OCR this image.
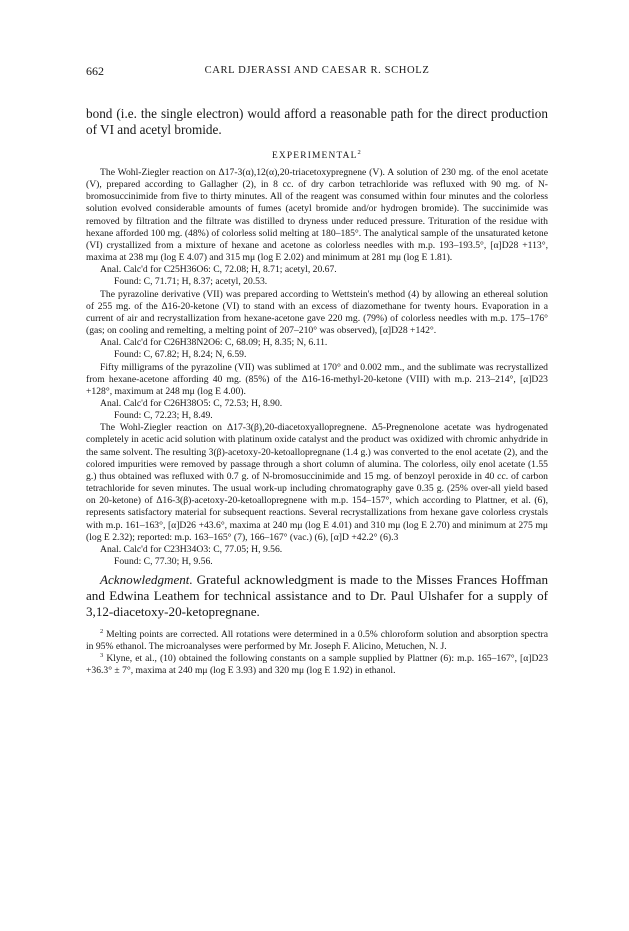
662	CARL DJERASSI AND CAESAR R. SCHOLZ
bond (i.e. the single electron) would afford a reasonable path for the direct production of VI and acetyl bromide.
EXPERIMENTAL$^2$

The Wohl-Ziegler reaction on Δ17-3(α),12(α),20-triacetoxypregnene (V). A solution of 230 mg. of the enol acetate (V), prepared according to Gallagher (2), in 8 cc. of dry carbon tetrachloride was refluxed with 90 mg. of N-bromosuccinimide from five to thirty minutes. All of the reagent was consumed within four minutes and the colorless solution evolved considerable amounts of fumes (acetyl bromide and/or hydrogen bromide). The succinimide was removed by filtration and the filtrate was distilled to dryness under reduced pressure. Trituration of the residue with hexane afforded 100 mg. (48%) of colorless solid melting at 180–185°. The analytical sample of the unsaturated ketone (VI) crystallized from a mixture of hexane and acetone as colorless needles with m.p. 193–193.5°, [α]D28 +113°, maxima at 238 mμ (log E 4.07) and 315 mμ (log E 2.02) and minimum at 281 mμ (log E 1.81).

Anal. Calc'd for C25H36O6: C, 72.08; H, 8.71; acetyl, 20.67.

Found: C, 71.71; H, 8.37; acetyl, 20.53.

The pyrazoline derivative (VII) was prepared according to Wettstein's method (4) by allowing an ethereal solution of 255 mg. of the Δ16-20-ketone (VI) to stand with an excess of diazomethane for twenty hours. Evaporation in a current of air and recrystallization from hexane-acetone gave 220 mg. (79%) of colorless needles with m.p. 175–176° (gas; on cooling and remelting, a melting point of 207–210° was observed), [α]D28 +142°.

Anal. Calc'd for C26H38N2O6: C, 68.09; H, 8.35; N, 6.11.

Found: C, 67.82; H, 8.24; N, 6.59.

Fifty milligrams of the pyrazoline (VII) was sublimed at 170° and 0.002 mm., and the sublimate was recrystallized from hexane-acetone affording 40 mg. (85%) of the Δ16-16-methyl-20-ketone (VIII) with m.p. 213–214°, [α]D23 +128°, maximum at 248 mμ (log E 4.00).

Anal. Calc'd for C26H38O5: C, 72.53; H, 8.90.

Found: C, 72.23; H, 8.49.

The Wohl-Ziegler reaction on Δ17-3(β),20-diacetoxyallopregnene. Δ5-Pregnenolone acetate was hydrogenated completely in acetic acid solution with platinum oxide catalyst and the product was oxidized with chromic anhydride in the same solvent. The resulting 3(β)-acetoxy-20-ketoallopregnane (1.4 g.) was converted to the enol acetate (2), and the colored impurities were removed by passage through a short column of alumina. The colorless, oily enol acetate (1.55 g.) thus obtained was refluxed with 0.7 g. of N-bromosuccinimide and 15 mg. of benzoyl peroxide in 40 cc. of carbon tetrachloride for seven minutes. The usual work-up including chromatography gave 0.35 g. (25% over-all yield based on 20-ketone) of Δ16-3(β)-acetoxy-20-ketoallopregnene with m.p. 154–157°, which according to Plattner, et al. (6), represents satisfactory material for subsequent reactions. Several recrystallizations from hexane gave colorless crystals with m.p. 161–163°, [α]D26 +43.6°, maxima at 240 mμ (log E 4.01) and 310 mμ (log E 2.70) and minimum at 275 mμ (log E 2.32); reported: m.p. 163–165° (7), 166–167° (vac.) (6), [α]D +42.2° (6).3

Anal. Calc'd for C23H34O3: C, 77.05; H, 9.56.

Found: C, 77.30; H, 9.56.

Acknowledgment. Grateful acknowledgment is made to the Misses Frances Hoffman and Edwina Leathem for technical assistance and to Dr. Paul Ulshafer for a supply of 3,12-diacetoxy-20-ketopregnane.

$^2$ Melting points are corrected. All rotations were determined in a 0.5% chloroform solution and absorption spectra in 95% ethanol. The microanalyses were performed by Mr. Joseph F. Alicino, Metuchen, N. J.

$^3$ Klyne, et al., (10) obtained the following constants on a sample supplied by Plattner (6): m.p. 165–167°, [α]D23 +36.3° ± 7°, maxima at 240 mμ (log E 3.93) and 320 mμ (log E 1.92) in ethanol.
